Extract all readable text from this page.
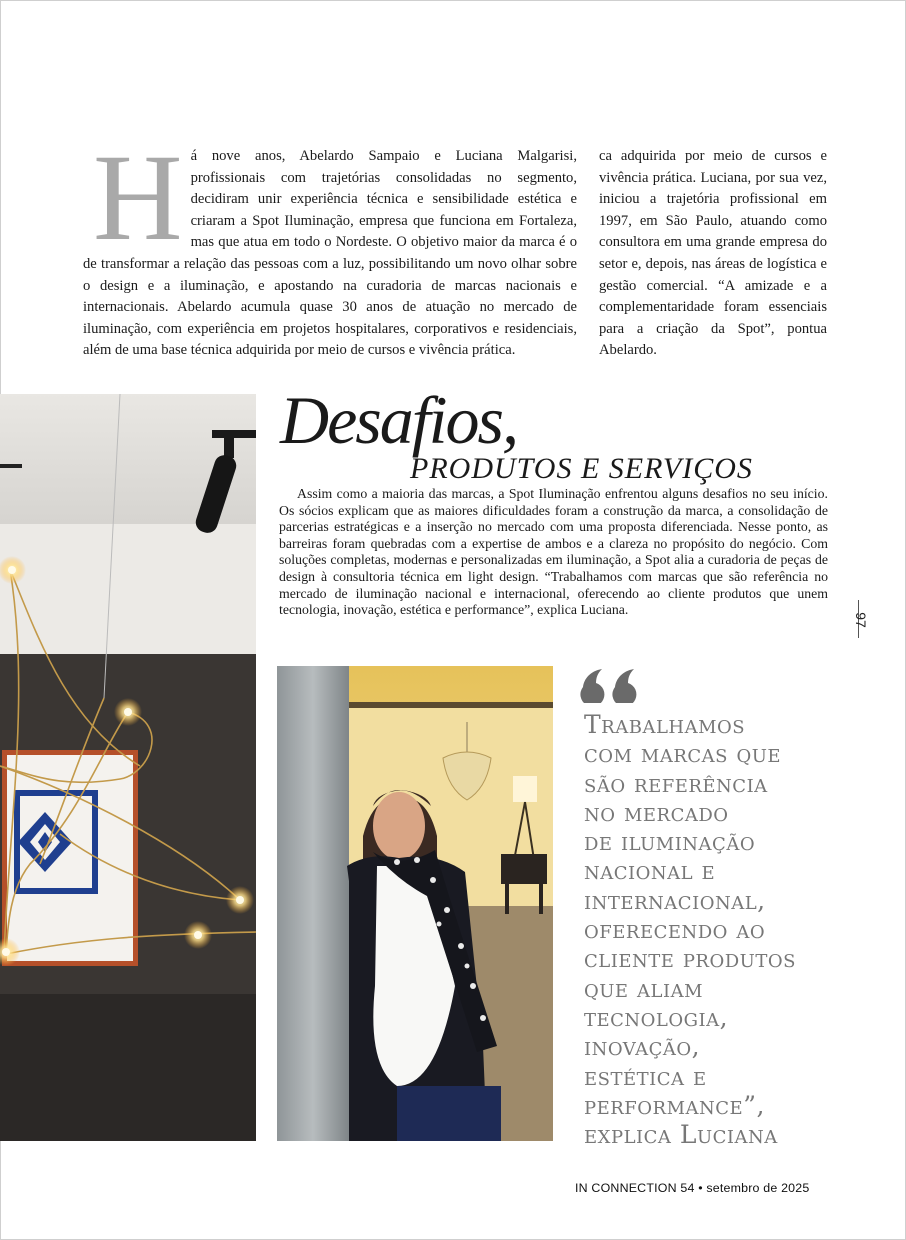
Há nove anos, Abelardo Sampaio e Luciana Malgarisi, profissionais com trajetórias consolidadas no segmento, decidiram unir experiência técnica e sensibilidade estética e criaram a Spot Iluminação, empresa que funciona em Fortaleza, mas que atua em todo o Nordeste. O objetivo maior da marca é o de transformar a relação das pessoas com a luz, possibilitando um novo olhar sobre o design e a iluminação, e apostando na curadoria de marcas nacionais e internacionais. Abelardo acumula quase 30 anos de atuação no mercado de iluminação, com experiência em projetos hospitalares, corporativos e residenciais, além de uma base técnica adquirida por meio de cursos e vivência prática.
ca adquirida por meio de cursos e vivência prática. Luciana, por sua vez, iniciou a trajetória profissional em 1997, em São Paulo, atuando como consultora em uma grande empresa do setor e, depois, nas áreas de logística e gestão comercial. “A amizade e a complementaridade foram essenciais para a criação da Spot”, pontua Abelardo.
Desafios,
PRODUTOS E SERVIÇOS

Assim como a maioria das marcas, a Spot Iluminação enfrentou alguns desafios no seu início. Os sócios explicam que as maiores dificuldades foram a construção da marca, a consolidação de parcerias estratégicas e a inserção no mercado com uma proposta diferenciada. Nesse ponto, as barreiras foram quebradas com a expertise de ambos e a clareza no propósito do negócio. Com soluções completas, modernas e personalizadas em iluminação, a Spot alia a curadoria de peças de design à consultoria técnica em light design. “Trabalhamos com marcas que são referência no mercado de iluminação nacional e internacional, oferecendo ao cliente produtos que unem tecnologia, inovação, estética e performance”, explica Luciana.

97
Trabalhamos
com marcas que
são referência
no mercado
de iluminação
nacional e
internacional,
oferecendo ao
cliente produtos
que aliam
tecnologia,
inovação,
estética e
performance”,
explica Luciana
IN CONNECTION 54 • setembro de 2025
